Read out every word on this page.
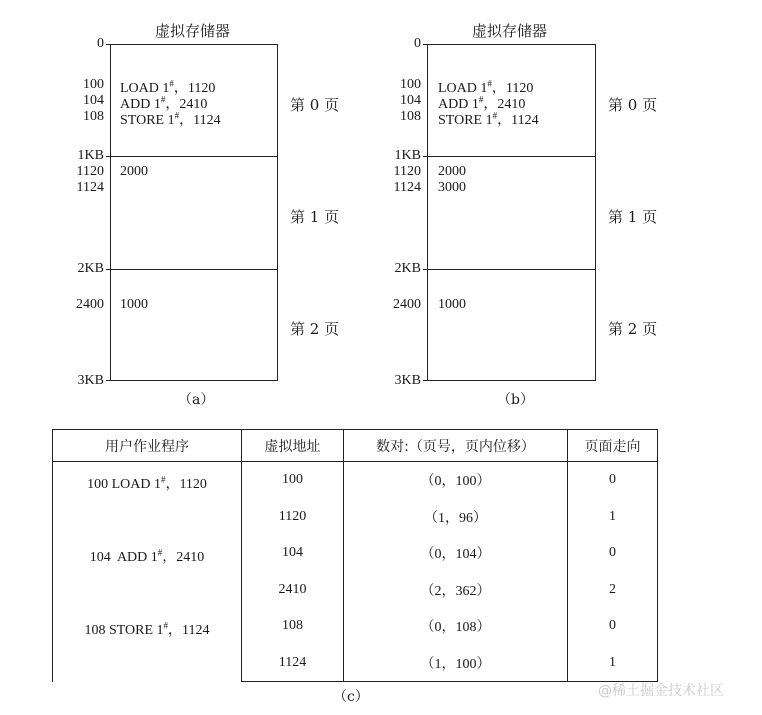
虚拟存储器
0
100
104
108
1KB
1120
1124
2KB
2400
3KB
LOAD 1#，1120
ADD 1#，2410
STORE 1#，1124
2000
1000
第 0 页
第 1 页
第 2 页
（a）
虚拟存储器
0
100
104
108
1KB
1120
1124
2KB
2400
3KB
LOAD 1#，1120
ADD 1#，2410
STORE 1#，1124
2000
3000
1000
第 0 页
第 1 页
第 2 页
（b）
用户作业程序	虚拟地址	数对:（页号，页内位移）	页面走向
100 LOAD 1#，1120	100	（0，100）	0
	1120	（1，96）	1
104  ADD 1#，2410	104	（0，104）	0
	2410	（2，362）	2
108 STORE 1#，1124	108	（0，108）	0
	1124	（1，100）	1
（c）	@稀土掘金技术社区
